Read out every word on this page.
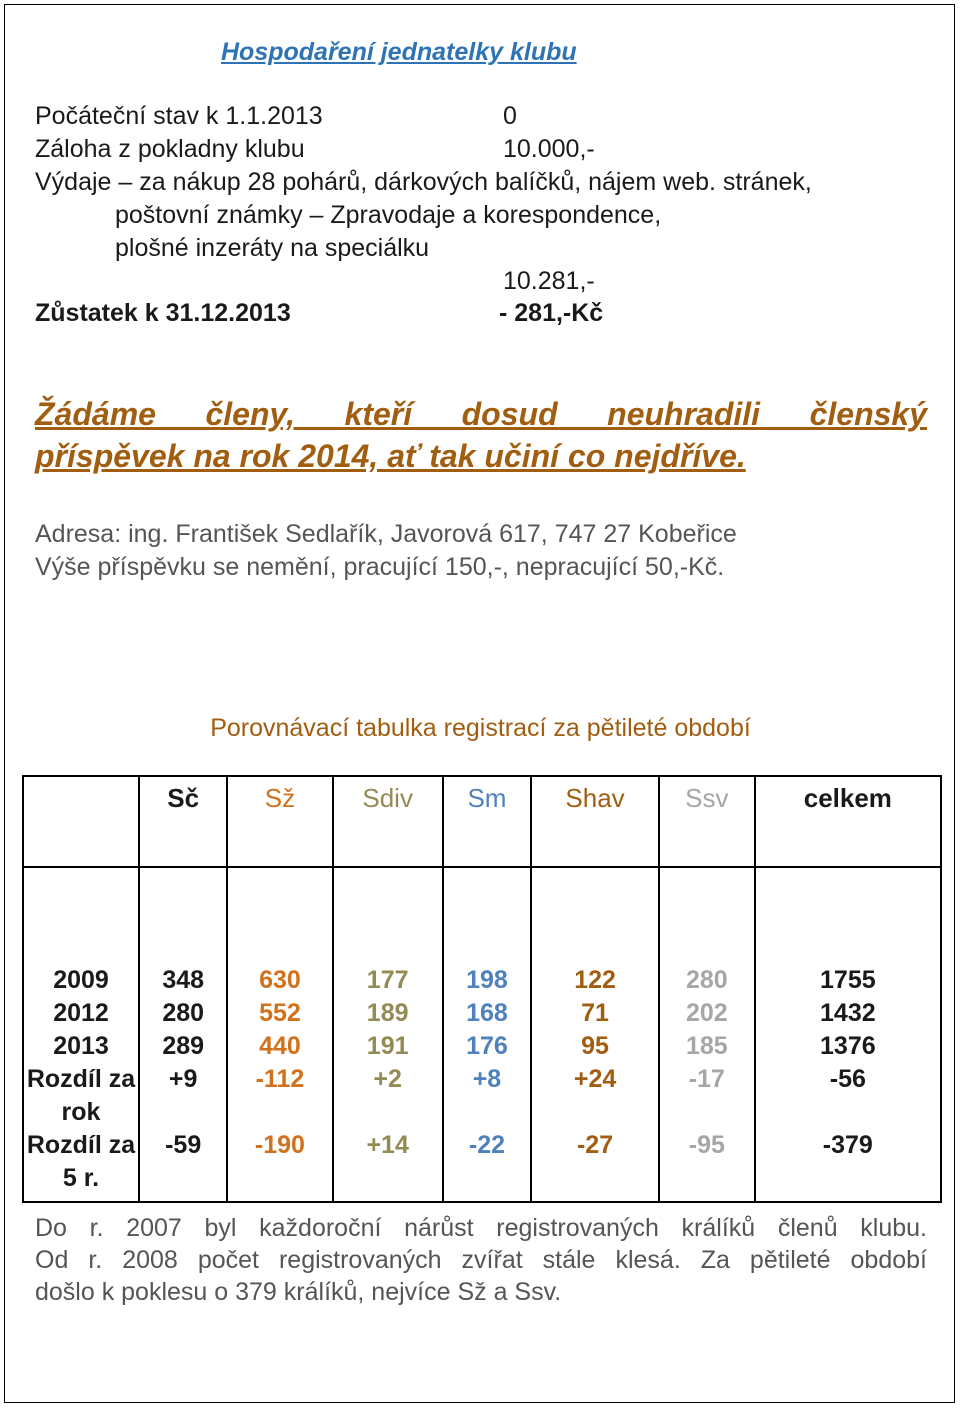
Hospodaření jednatelky klubu
Počáteční stav k 1.1.2013	0
Záloha z pokladny klubu	10.000,-
Výdaje – za nákup 28 pohárů, dárkových balíčků, nájem web. stránek,
poštovní známky – Zpravodaje a korespondence,
plošné inzeráty na speciálku
10.281,-
Zůstatek k 31.12.2013	- 281,-Kč
Žádáme členy, kteří dosud neuhradili členský
příspěvek na rok 2014, ať tak učiní co nejdříve.
Adresa: ing. František Sedlařík, Javorová 617, 747 27 Kobeřice
Výše příspěvku se nemění, pracující 150,-, nepracující 50,-Kč.
Porovnávací tabulka registrací za pětileté období
	Sč	Sž	Sdiv	Sm	Shav	Ssv	celkem
2009	348	630	177	198	122	280	1755
2012	280	552	189	168	71	202	1432
2013	289	440	191	176	95	185	1376
Rozdíl za rok	+9	-112	+2	+8	+24	-17	-56
Rozdíl za 5 r.	-59	-190	+14	-22	-27	-95	-379
Do r. 2007 byl každoroční nárůst registrovaných králíků členů klubu.
Od r. 2008 počet registrovaných zvířat stále klesá. Za pětileté období
došlo k poklesu o 379 králíků, nejvíce Sž a Ssv.
